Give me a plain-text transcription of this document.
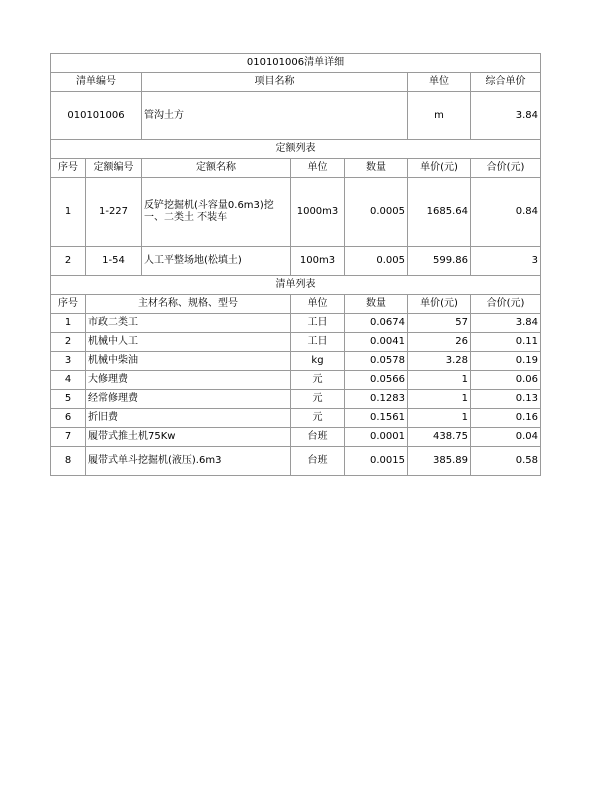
010101006清单详细						
清单编号		项目名称			单位	综合单价
010101006		管沟土方			m	3.84
定额列表						
序号	定额编号	定额名称	单位	数量	单价(元)	合价(元)
1	1-227	反铲挖掘机(斗容量0.6m3)挖一、二类土 不装车	1000m3	0.0005	1685.64	0.84
2	1-54	人工平整场地(松填土)	100m3	0.005	599.86	3
清单列表						
序号	主材名称、规格、型号		单位	数量	单价(元)	合价(元)
1	市政二类工		工日	0.0674	57	3.84
2	机械中人工		工日	0.0041	26	0.11
3	机械中柴油		kg	0.0578	3.28	0.19
4	大修理费		元	0.0566	1	0.06
5	经常修理费		元	0.1283	1	0.13
6	折旧费		元	0.1561	1	0.16
7	履带式推土机75Kw		台班	0.0001	438.75	0.04
8	履带式单斗挖掘机(液压).6m3		台班	0.0015	385.89	0.58
